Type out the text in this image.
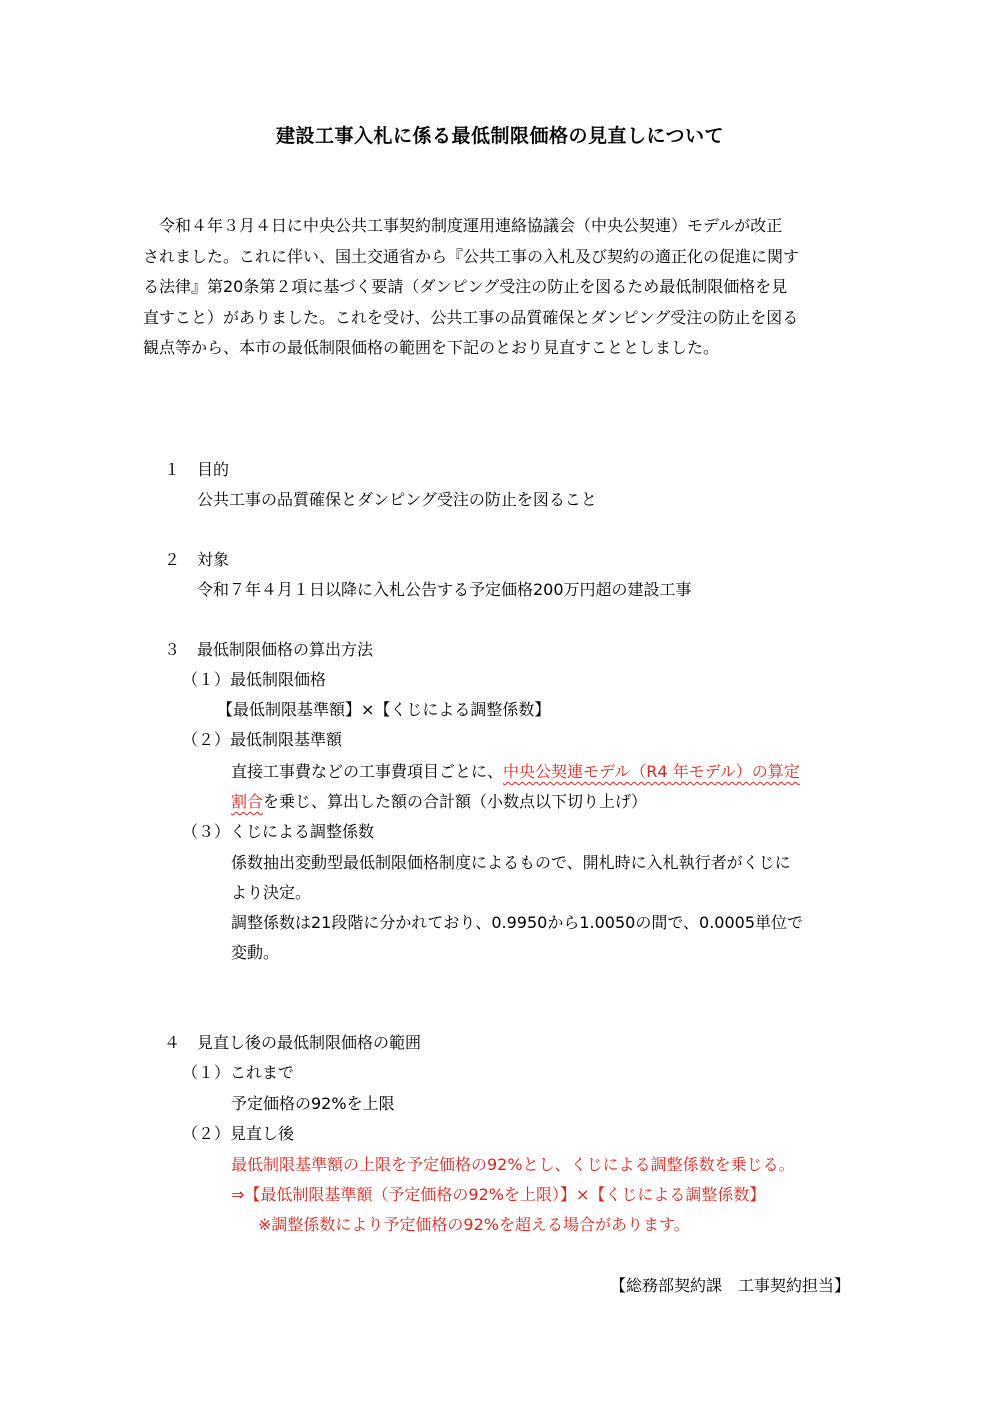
建設工事入札に係る最低制限価格の見直しについて
令和４年３月４日に中央公共工事契約制度運用連絡協議会（中央公契連）モデルが改正
されました。これに伴い、国土交通省から『公共工事の入札及び契約の適正化の促進に関す
る法律』第20条第２項に基づく要請（ダンピング受注の防止を図るため最低制限価格を見
直すこと）がありました。これを受け、公共工事の品質確保とダンピング受注の防止を図る
観点等から、本市の最低制限価格の範囲を下記のとおり見直すこととしました。
１ 目的
公共工事の品質確保とダンピング受注の防止を図ること
２ 対象
令和７年４月１日以降に入札公告する予定価格200万円超の建設工事
３ 最低制限価格の算出方法
（１）最低制限価格
【最低制限基準額】×【くじによる調整係数】
（２）最低制限基準額
直接工事費などの工事費項目ごとに、中央公契連モデル（R4 年モデル）の算定
割合を乗じ、算出した額の合計額（小数点以下切り上げ）
（３）くじによる調整係数
係数抽出変動型最低制限価格制度によるもので、開札時に入札執行者がくじに
より決定。
調整係数は21段階に分かれており、0.9950から1.0050の間で、0.0005単位で
変動。
４ 見直し後の最低制限価格の範囲
（１）これまで
予定価格の92%を上限
（２）見直し後
最低制限基準額の上限を予定価格の92%とし、くじによる調整係数を乗じる。
⇒【最低制限基準額（予定価格の92%を上限）】×【くじによる調整係数】
※調整係数により予定価格の92%を超える場合があります。
【総務部契約課　工事契約担当】
